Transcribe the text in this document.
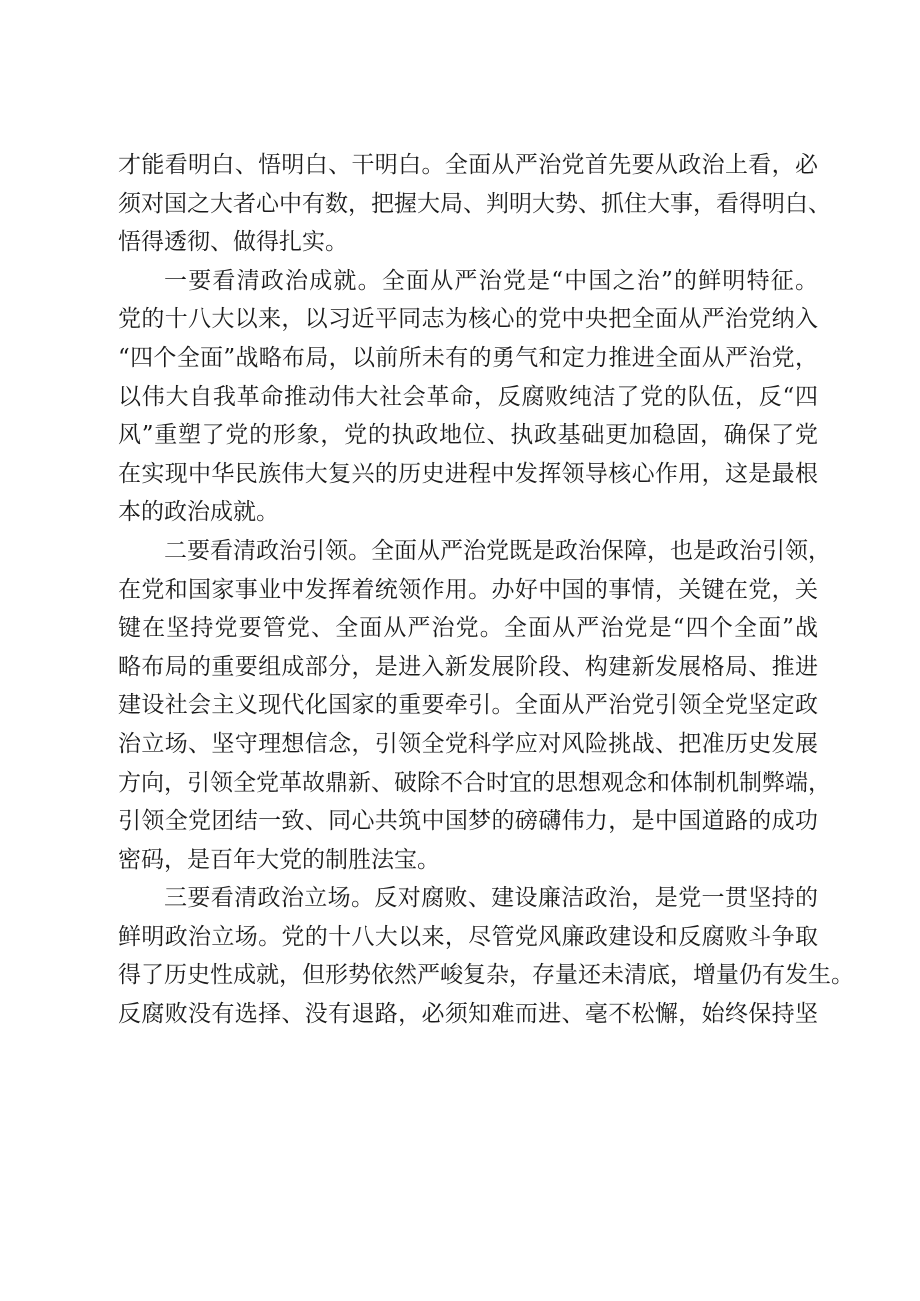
才能看明白、悟明白、干明白。全面从严治党首先要从政治上看，必
须对国之大者心中有数，把握大局、判明大势、抓住大事，看得明白、
悟得透彻、做得扎实。
一要看清政治成就。全面从严治党是“中国之治”的鲜明特征。
党的十八大以来，以习近平同志为核心的党中央把全面从严治党纳入
“四个全面”战略布局，以前所未有的勇气和定力推进全面从严治党，
以伟大自我革命推动伟大社会革命，反腐败纯洁了党的队伍，反“四
风”重塑了党的形象，党的执政地位、执政基础更加稳固，确保了党
在实现中华民族伟大复兴的历史进程中发挥领导核心作用，这是最根
本的政治成就。
二要看清政治引领。全面从严治党既是政治保障，也是政治引领，
在党和国家事业中发挥着统领作用。办好中国的事情，关键在党，关
键在坚持党要管党、全面从严治党。全面从严治党是“四个全面”战
略布局的重要组成部分，是进入新发展阶段、构建新发展格局、推进
建设社会主义现代化国家的重要牵引。全面从严治党引领全党坚定政
治立场、坚守理想信念，引领全党科学应对风险挑战、把准历史发展
方向，引领全党革故鼎新、破除不合时宜的思想观念和体制机制弊端，
引领全党团结一致、同心共筑中国梦的磅礴伟力，是中国道路的成功
密码，是百年大党的制胜法宝。
三要看清政治立场。反对腐败、建设廉洁政治，是党一贯坚持的
鲜明政治立场。党的十八大以来，尽管党风廉政建设和反腐败斗争取
得了历史性成就，但形势依然严峻复杂，存量还未清底，增量仍有发生。
反腐败没有选择、没有退路，必须知难而进、毫不松懈，始终保持坚
